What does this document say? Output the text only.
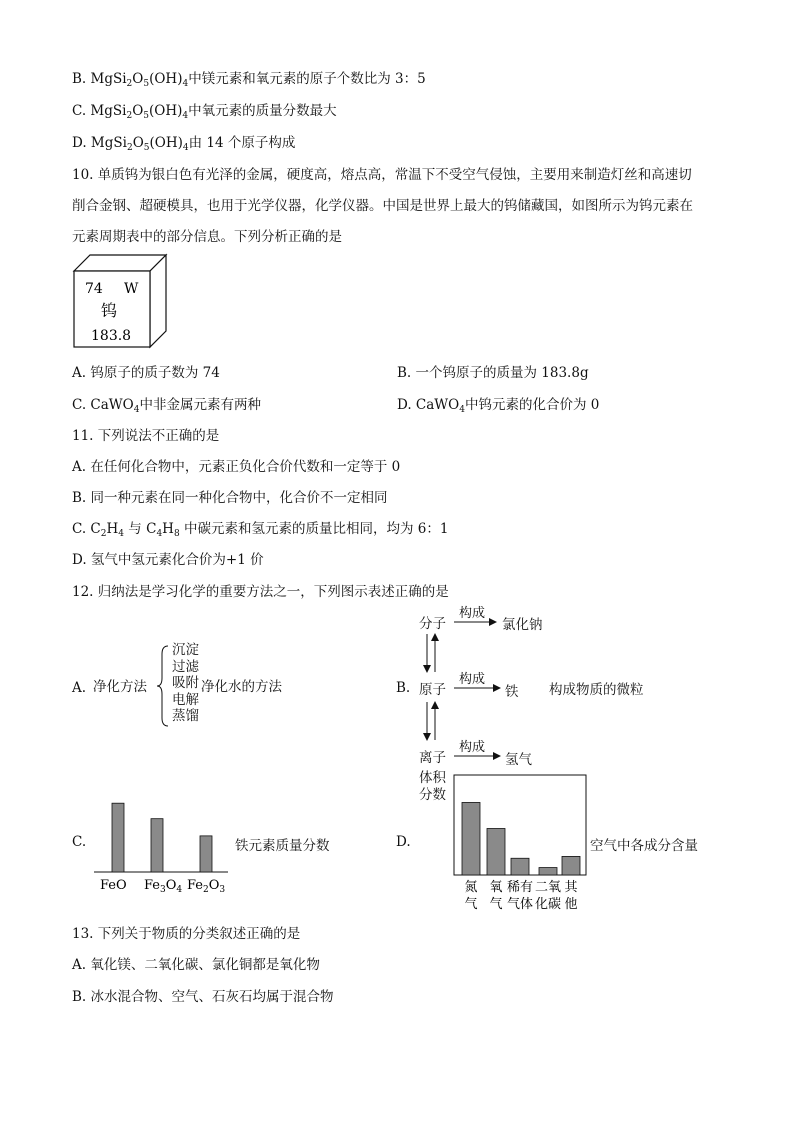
B. $MgSi_2O_5(OH)_4$中镁元素和氧元素的原子个数比为 3：5
C. $MgSi_2O_5(OH)_4$中氧元素的质量分数最大
D. $MgSi_2O_5(OH)_4$由 14 个原子构成
10. 单质钨为银白色有光泽的金属，硬度高，熔点高，常温下不受空气侵蚀，主要用来制造灯丝和高速切
削合金钢、超硬模具，也用于光学仪器，化学仪器。中国是世界上最大的钨储藏国，如图所示为钨元素在
元素周期表中的部分信息。下列分析正确的是
74 W
钨
183.8
A. 钨原子的质子数为 74	B. 一个钨原子的质量为 183.8g
C. CaWO$_4$中非金属元素有两种	D. CaWO$_4$中钨元素的化合价为 0
11. 下列说法不正确的是
A. 在任何化合物中，元素正负化合价代数和一定等于 0
B. 同一种元素在同一种化合物中，化合价不一定相同
C. $C_2H_4$ 与 $C_4H_8$ 中碳元素和氢元素的质量比相同，均为 6：1
D. 氢气中氢元素化合价为+1 价
12. 归纳法是学习化学的重要方法之一，下列图示表述正确的是
A. 净化方法
沉淀
过滤
吸附
电解
蒸馏
净化水的方法	B.
分子
原子
离子
构成
构成
构成
氯化钠
铁
氢气
构成物质的微粒
C.
FeO $Fe_3O_4$ $Fe_2O_3$
铁元素质量分数	D.
体积
分数
氮
气
氧
气
稀有
气体
二氧
化碳
其
他
空气中各成分含量
13. 下列关于物质的分类叙述正确的是
A. 氧化镁、二氧化碳、氯化铜都是氧化物
B. 冰水混合物、空气、石灰石均属于混合物
